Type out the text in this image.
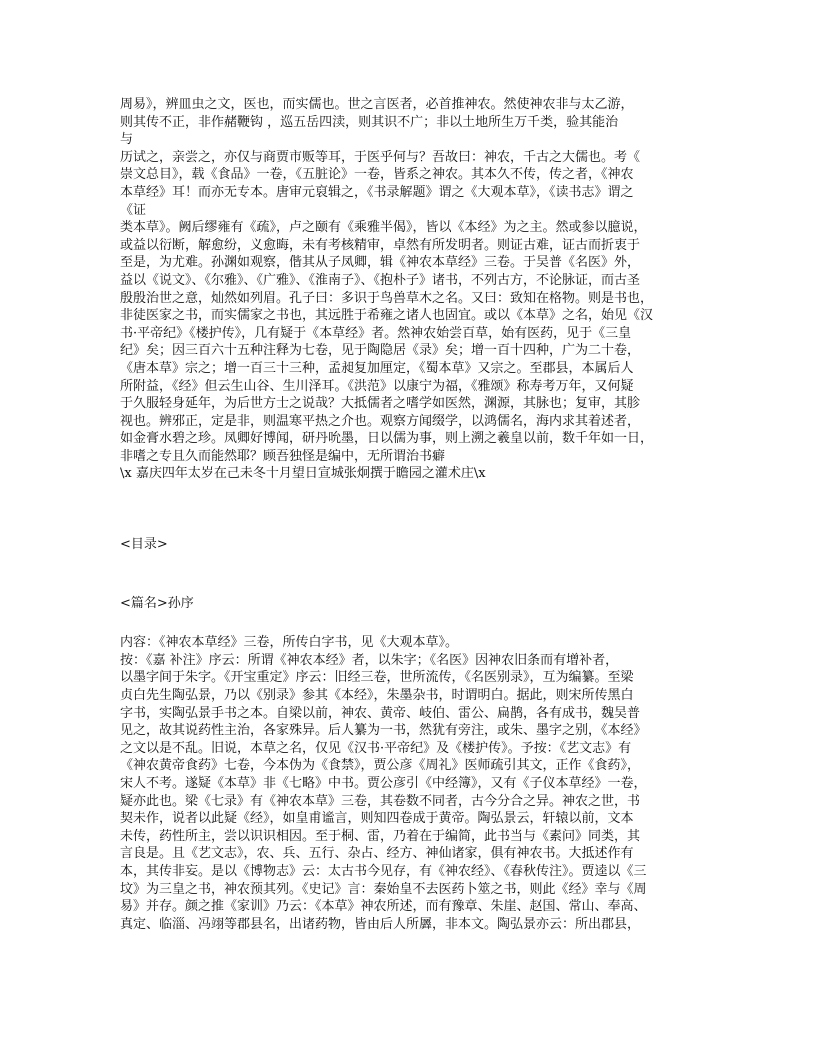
周易》，辨皿虫之文，医也，而实儒也。世之言医者，必首推神农。然使神农非与太乙游，
则其传不正，非作赭鞭钩 ，巡五岳四渎，则其识不广；非以土地所生万千类，验其能治
与
历试之，亲尝之，亦仅与商贾市贩等耳，于医乎何与？吾故曰：神农，千古之大儒也。考《
崇文总目》，载《食品》一卷，《五脏论》一卷，皆系之神农。其本久不传，传之者，《神农
本草经》耳！而亦无专本。唐审元裒辑之，《书录解题》谓之《大观本草》，《读书志》谓之
《证
类本草》。阙后缪雍有《疏》，卢之颐有《乘雅半偈》，皆以《本经》为之主。然或参以臆说，
或益以衍断，解愈纷，义愈晦，未有考核精审，卓然有所发明者。则证古难，证古而折衷于
至是，为尤难。孙渊如观察，偕其从子凤卿，辑《神农本草经》三卷。于吴普《名医》外，
益以《说文》、《尔雅》、《广雅》、《淮南子》、《抱朴子》诸书，不列古方，不论脉证，而古圣
殷殷治世之意，灿然如列眉。孔子曰：多识于鸟兽草木之名。又曰：致知在格物。则是书也，
非徒医家之书，而实儒家之书也，其远胜于希雍之诸人也固宜。或以《本草》之名，始见《汉
书·平帝纪》《楼护传》，几有疑于《本草经》者。然神农始尝百草，始有医药，见于《三皇
纪》矣；因三百六十五种注释为七卷，见于陶隐居《录》矣；增一百十四种，广为二十卷，
《唐本草》宗之；增一百三十三种，孟昶复加厘定，《蜀本草》又宗之。至郡县，本属后人
所附益，《经》但云生山谷、生川泽耳。《洪范》以康宁为福，《雅颂》称寿考万年，又何疑
于久服轻身延年，为后世方士之说哉？大抵儒者之嗜学如医然，渊源，其脉也；复审，其胗
视也。辨邪正，定是非，则温寒平热之介也。观察方闻缀学，以鸿儒名，海内求其着述者，
如金膏水碧之珍。凤卿好博闻，研丹吮墨，日以儒为事，则上溯之羲皇以前，数千年如一日，
非嗜之专且久而能然耶？顾吾独怪是编中，无所谓治书癖
\x 嘉庆四年太岁在己未冬十月望日宣城张炯撰于瞻园之灌术庄\x
<目录>
<篇名>孙序
内容：《神农本草经》三卷，所传白字书，见《大观本草》。
按：《嘉 补注》序云：所谓《神农本经》者，以朱字；《名医》因神农旧条而有增补者，
以墨字间于朱字。《开宝重定》序云：旧经三卷，世所流传，《名医别录》，互为编纂。至梁
贞白先生陶弘景，乃以《别录》参其《本经》，朱墨杂书，时谓明白。据此，则宋所传黑白
字书，实陶弘景手书之本。自梁以前，神农、黄帝、岐伯、雷公、扁鹊，各有成书，魏吴普
见之，故其说药性主治，各家殊异。后人纂为一书，然犹有旁注，或朱、墨字之别，《本经》
之文以是不乱。旧说，本草之名，仅见《汉书·平帝纪》及《楼护传》。予按：《艺文志》有
《神农黄帝食药》七卷，今本伪为《食禁》，贾公彦《周礼》医师疏引其文，正作《食药》，
宋人不考。遂疑《本草》非《七略》中书。贾公彦引《中经簿》，又有《子仪本草经》一卷，
疑亦此也。梁《七录》有《神农本草》三卷，其卷数不同者，古今分合之异。神农之世，书
契未作，说者以此疑《经》，如皇甫谧言，则知四卷成于黄帝。陶弘景云，轩辕以前，文本
未传，药性所主，尝以识识相因。至于桐、雷，乃着在于编简，此书当与《素问》同类，其
言良是。且《艺文志》，农、兵、五行、杂占、经方、神仙诸家，俱有神农书。大抵述作有
本，其传非妄。是以《博物志》云：太古书今见存，有《神农经》、《春秋传注》。贾逵以《三
坟》为三皇之书，神农预其列。《史记》言：秦始皇不去医药卜筮之书，则此《经》幸与《周
易》并存。颜之推《家训》乃云：《本草》神农所述，而有豫章、朱崖、赵国、常山、奉高、
真定、临淄、冯翊等郡县名，出诸药物，皆由后人所羼，非本文。陶弘景亦云：所出郡县，
